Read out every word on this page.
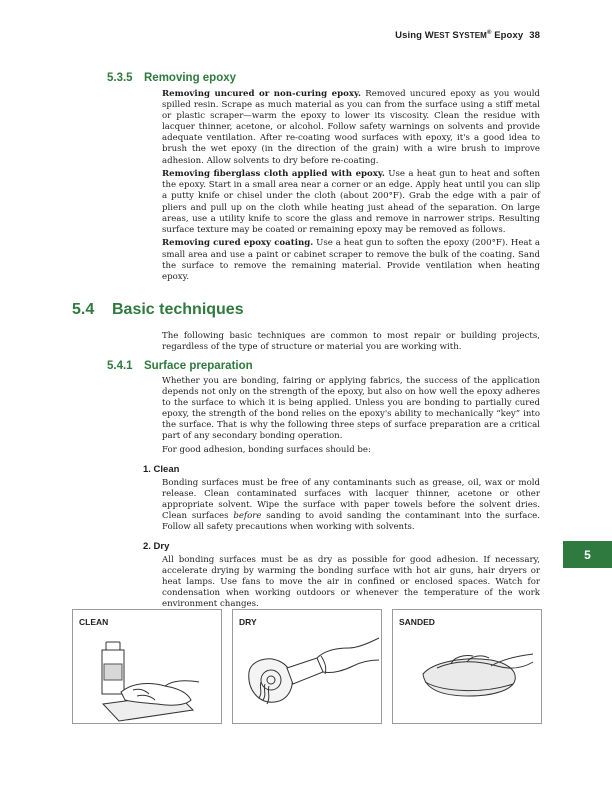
Using WEST SYSTEM® Epoxy 38
5.3.5 Removing epoxy

Removing uncured or non-curing epoxy. Removed uncured epoxy as you would spilled resin. Scrape as much material as you can from the surface using a stiff metal or plastic scraper—warm the epoxy to lower its viscosity. Clean the residue with lacquer thinner, acetone, or alcohol. Follow safety warnings on solvents and provide adequate ventilation. After re-coating wood surfaces with epoxy, it's a good idea to brush the wet epoxy (in the direction of the grain) with a wire brush to improve adhesion. Allow solvents to dry before re-coating.

Removing fiberglass cloth applied with epoxy. Use a heat gun to heat and soften the epoxy. Start in a small area near a corner or an edge. Apply heat until you can slip a putty knife or chisel under the cloth (about 200°F). Grab the edge with a pair of pliers and pull up on the cloth while heating just ahead of the separation. On large areas, use a utility knife to score the glass and remove in narrower strips. Resulting surface texture may be coated or remaining epoxy may be removed as follows.

Removing cured epoxy coating. Use a heat gun to soften the epoxy (200°F). Heat a small area and use a paint or cabinet scraper to remove the bulk of the coating. Sand the surface to remove the remaining material. Provide ventilation when heating epoxy.

5.4 Basic techniques
The following basic techniques are common to most repair or building projects, regardless of the type of structure or material you are working with.
5.4.1 Surface preparation

Whether you are bonding, fairing or applying fabrics, the success of the application depends not only on the strength of the epoxy, but also on how well the epoxy adheres to the surface to which it is being applied. Unless you are bonding to partially cured epoxy, the strength of the bond relies on the epoxy's ability to mechanically “key” into the surface. That is why the following three steps of surface preparation are a critical part of any secondary bonding operation.

For good adhesion, bonding surfaces should be:

1. Clean

Bonding surfaces must be free of any contaminants such as grease, oil, wax or mold release. Clean contaminated surfaces with lacquer thinner, acetone or other appropriate solvent. Wipe the surface with paper towels before the solvent dries. Clean surfaces before sanding to avoid sanding the contaminant into the surface. Follow all safety precautions when working with solvents.

2. Dry
All bonding surfaces must be as dry as possible for good adhesion. If necessary, accelerate drying by warming the bonding surface with hot air guns, hair dryers or heat lamps. Use fans to move the air in confined or enclosed spaces. Watch for condensation when working outdoors or whenever the temperature of the work environment changes.
5
CLEAN	DRY	SANDED
